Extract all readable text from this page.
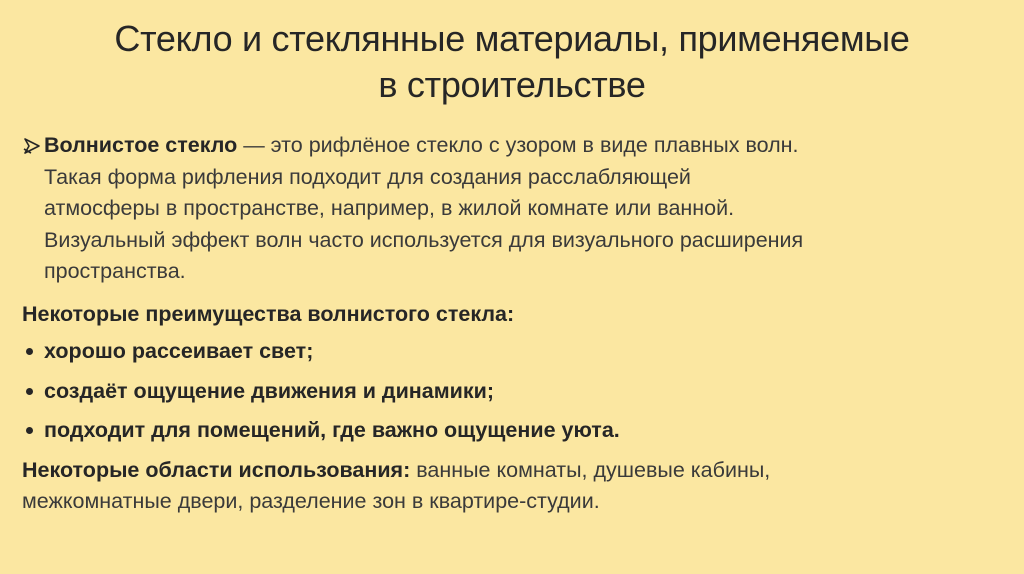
Стекло и стеклянные материалы, применяемые
в строительстве

Волнистое стекло — это рифлёное стекло с узором в виде плавных волн.
Такая форма рифления подходит для создания расслабляющей
атмосферы в пространстве, например, в жилой комнате или ванной.
Визуальный эффект волн часто используется для визуального расширения
пространства.

Некоторые преимущества волнистого стекла:
хорошо рассеивает свет;
создаёт ощущение движения и динамики;
подходит для помещений, где важно ощущение уюта.
Некоторые области использования: ванные комнаты, душевые кабины,
межкомнатные двери, разделение зон в квартире-студии.
